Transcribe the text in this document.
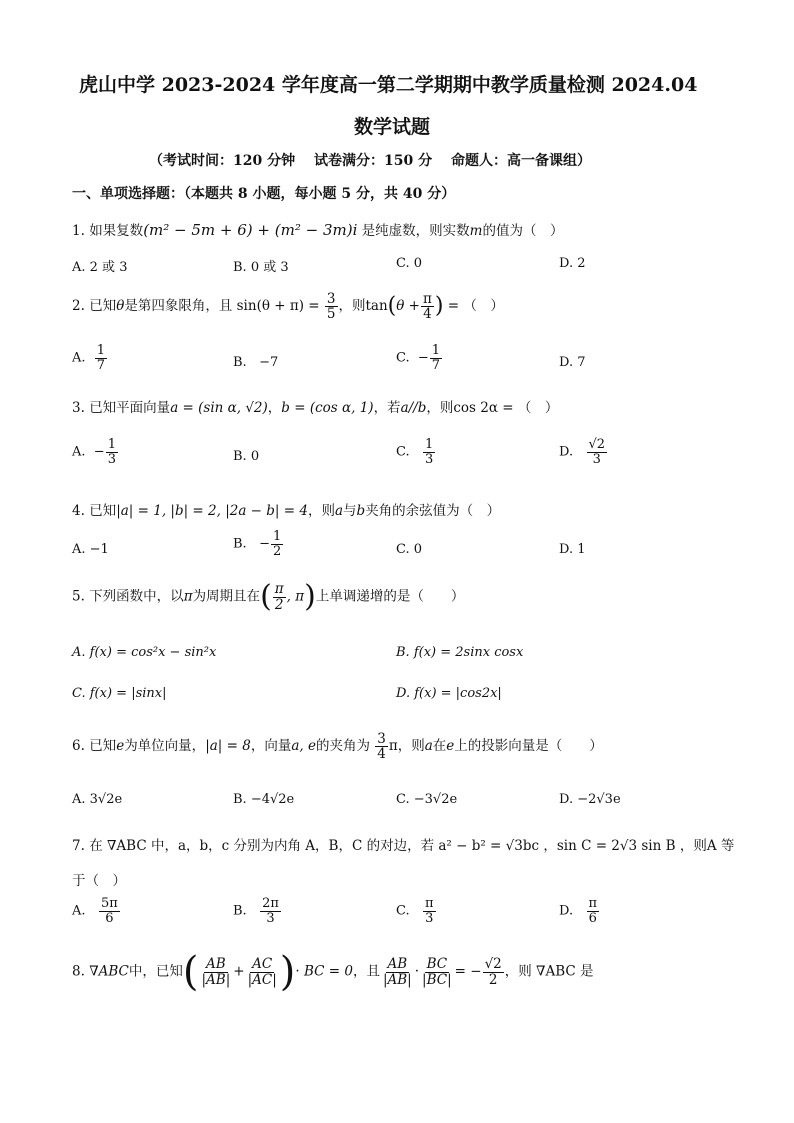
虎山中学 2023-2024 学年度高一第二学期期中教学质量检测 2024.04
数学试题
（考试时间：120 分钟　 试卷满分：150 分　 命题人：高一备课组）
一、单项选择题：（本题共 8 小题，每小题 5 分，共 40 分）
1. 如果复数(m² − 5m + 6) + (m² − 3m)i 是纯虚数，则实数m的值为（　）
A. 2 或 3	B. 0 或 3	C. 0	D. 2
2. 已知θ是第四象限角，且 $\sin(\theta + \pi) = \frac{3}{5}$ ，则$\tan(\theta + \frac{\pi}{4}$ ) = （　）
A. $\frac{1}{7}$	B. −7	C. − $\frac{1}{7}$	D. 7
3. 已知平面向量a = (sin α, √2)，b = (cos α, 1)，若a//b，则cos 2α = （　）
A. − $\frac{1}{3}$	B. 0	C. $\frac{1}{3}$	D. $\frac{√2}{3}$
4. 已知|a| = 1, |b| = 2, |2a − b| = 4，则a与b夹角的余弦值为（　）
A. −1	B. − $\frac{1}{2}$	C. 0	D. 1
5. 下列函数中，以π为周期且在( $\frac{\pi}{2}$ , π)上单调递增的是（　　）
A. f(x) = cos²x − sin²x	B. f(x) = 2sinx cosx
C. f(x) = |sinx|	D. f(x) = |cos2x|
6. 已知e为单位向量，|a| = 8，向量a, e的夹角为 $\frac{3}{4}$ π，则a在e上的投影向量是（　　）
A. 3√2e	B. −4√2e	C. −3√2e	D. −2√3e
7. 在 ∇ABC 中，a，b，c 分别为内角 A，B，C 的对边，若 a² − b² = √3bc ，sin C = 2√3 sin B ，则A 等
于（　）
A. $\frac{5\pi}{6}$	B. $\frac{2\pi}{3}$	C. $\frac{\pi}{3}$	D. $\frac{\pi}{6}$
8. ∇ABC中，已知( $\frac{AB}{|AB|} + \frac{AC}{|AC|}$ )· BC = 0，且 $\frac{AB}{|AB|} \cdot \frac{BC}{|BC|}$ = − $\frac{√2}{2}$ ，则 ∇ABC 是
